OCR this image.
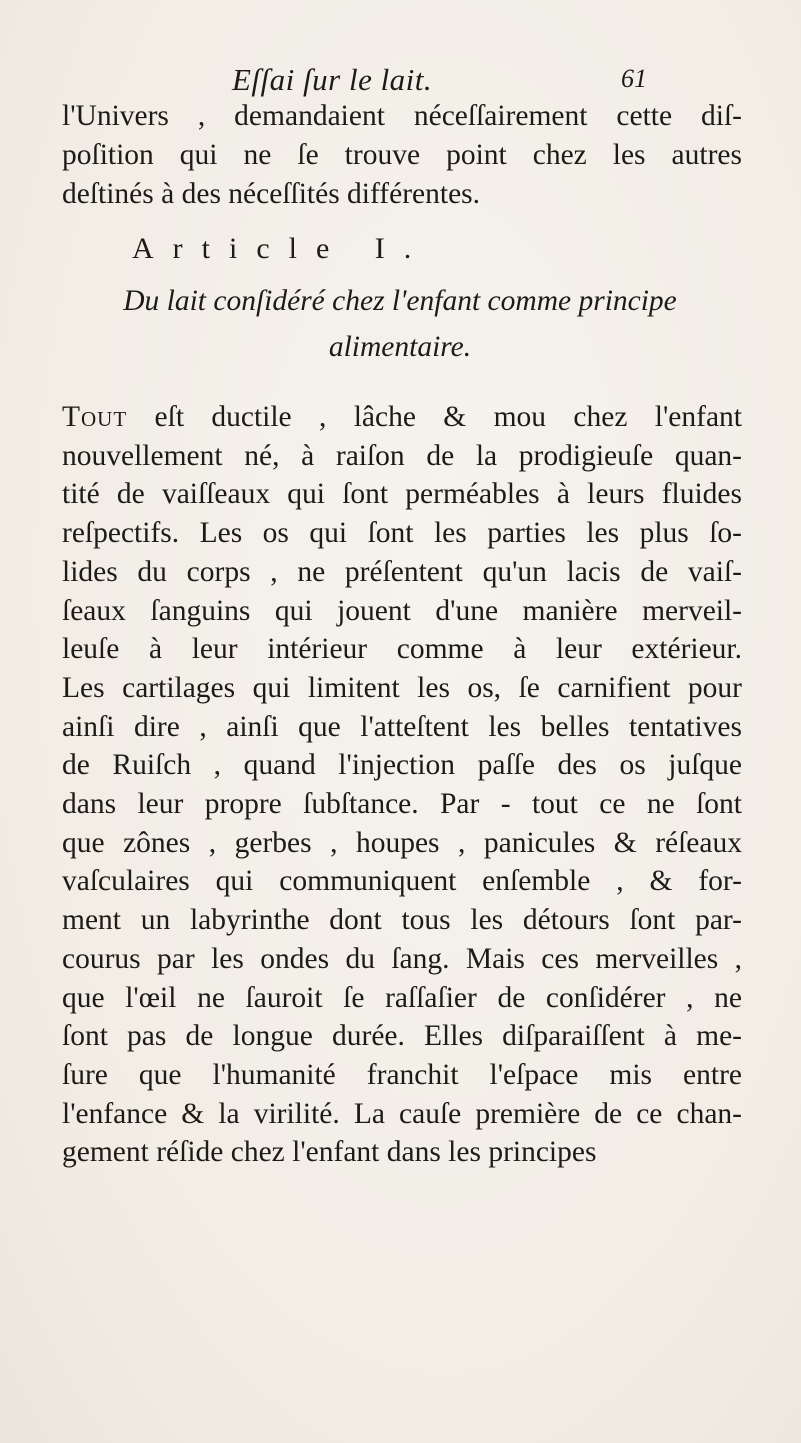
Eſſai ſur le lait.	61
l'Univers , demandaient néceſſairement cette diſ-
poſition qui ne ſe trouve point chez les autres
deſtinés à des néceſſités différentes.
Article I.
Du lait conſidéré chez l'enfant comme principe
alimentaire.
Tout eſt ductile , lâche & mou chez l'enfant
nouvellement né, à raiſon de la prodigieuſe quan-
tité de vaiſſeaux qui ſont perméables à leurs fluides
reſpectifs. Les os qui ſont les parties les plus ſo-
lides du corps , ne préſentent qu'un lacis de vaiſ-
ſeaux ſanguins qui jouent d'une manière merveil-
leuſe à leur intérieur comme à leur extérieur.
Les cartilages qui limitent les os, ſe carnifient pour
ainſi dire , ainſi que l'atteſtent les belles tentatives
de Ruiſch , quand l'injection paſſe des os juſque
dans leur propre ſubſtance. Par - tout ce ne ſont
que zônes , gerbes , houpes , panicules & réſeaux
vaſculaires qui communiquent enſemble , & for-
ment un labyrinthe dont tous les détours ſont par-
courus par les ondes du ſang. Mais ces merveilles ,
que l'œil ne ſauroit ſe raſſaſier de conſidérer , ne
ſont pas de longue durée. Elles diſparaiſſent à me-
ſure que l'humanité franchit l'eſpace mis entre
l'enfance & la virilité. La cauſe première de ce chan-
gement réſide chez l'enfant dans les principes
